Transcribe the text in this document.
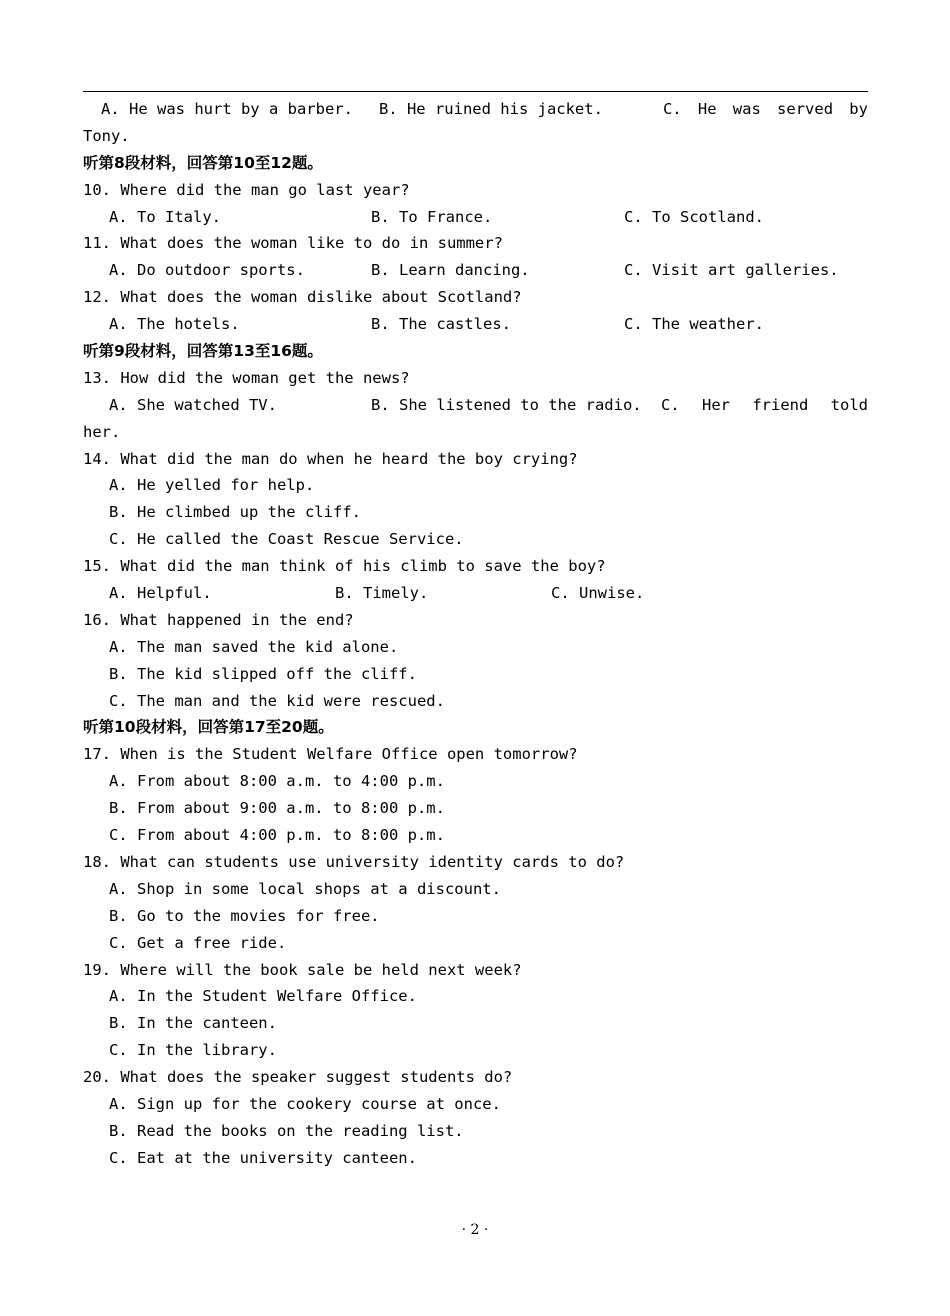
A. He was hurt by a barber. B. He ruined his jacket.	C. He was served by
Tony.
听第8段材料，回答第10至12题。
10. Where did the man go last year?
A. To Italy.	B. To France.	C. To Scotland.
11. What does the woman like to do in summer?
A. Do outdoor sports.	B. Learn dancing.	C. Visit art galleries.
12. What does the woman dislike about Scotland?
A. The hotels.	B. The castles.	C. The weather.
听第9段材料，回答第13至16题。
13. How did the woman get the news?
A. She watched TV.	B. She listened to the radio.	C. Her friend told
her.
14. What did the man do when he heard the boy crying?
A. He yelled for help.
B. He climbed up the cliff.
C. He called the Coast Rescue Service.
15. What did the man think of his climb to save the boy?
A. Helpful.	B. Timely.	C. Unwise.
16. What happened in the end?
A. The man saved the kid alone.
B. The kid slipped off the cliff.
C. The man and the kid were rescued.
听第10段材料，回答第17至20题。
17. When is the Student Welfare Office open tomorrow?
A. From about 8:00 a.m. to 4:00 p.m.
B. From about 9:00 a.m. to 8:00 p.m.
C. From about 4:00 p.m. to 8:00 p.m.
18. What can students use university identity cards to do?
A. Shop in some local shops at a discount.
B. Go to the movies for free.
C. Get a free ride.
19. Where will the book sale be held next week?
A. In the Student Welfare Office.
B. In the canteen.
C. In the library.
20. What does the speaker suggest students do?
A. Sign up for the cookery course at once.
B. Read the books on the reading list.
C. Eat at the university canteen.
· 2 ·
